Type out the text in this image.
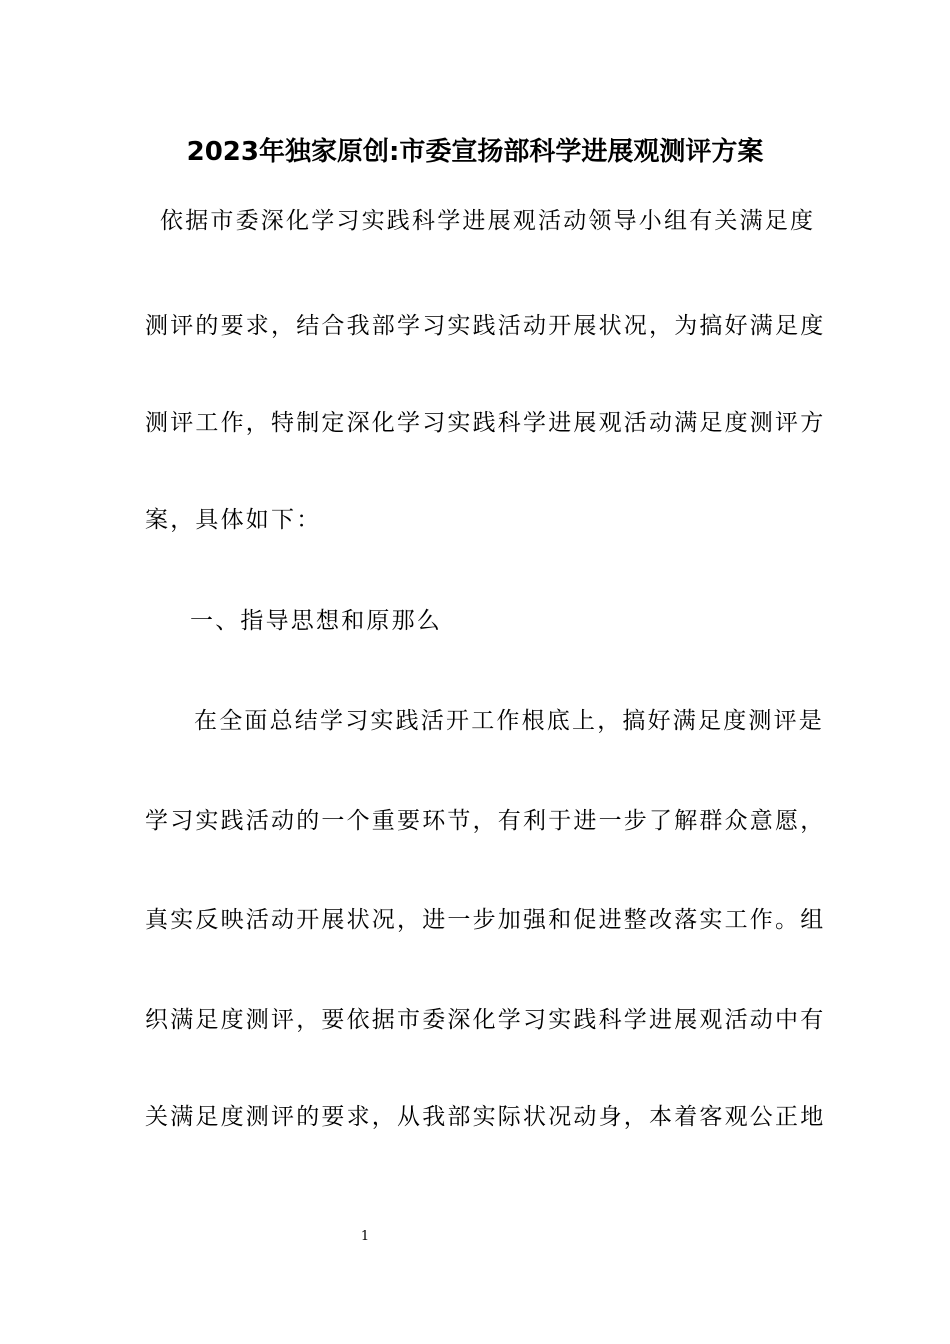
2023年独家原创:市委宣扬部科学进展观测评方案
依据市委深化学习实践科学进展观活动领导小组有关满足度
测评的要求，结合我部学习实践活动开展状况，为搞好满足度
测评工作，特制定深化学习实践科学进展观活动满足度测评方
案，具体如下：
一、指导思想和原那么
在全面总结学习实践活开工作根底上，搞好满足度测评是
学习实践活动的一个重要环节，有利于进一步了解群众意愿，
真实反映活动开展状况，进一步加强和促进整改落实工作。组
织满足度测评，要依据市委深化学习实践科学进展观活动中有
关满足度测评的要求，从我部实际状况动身，本着客观公正地
1
